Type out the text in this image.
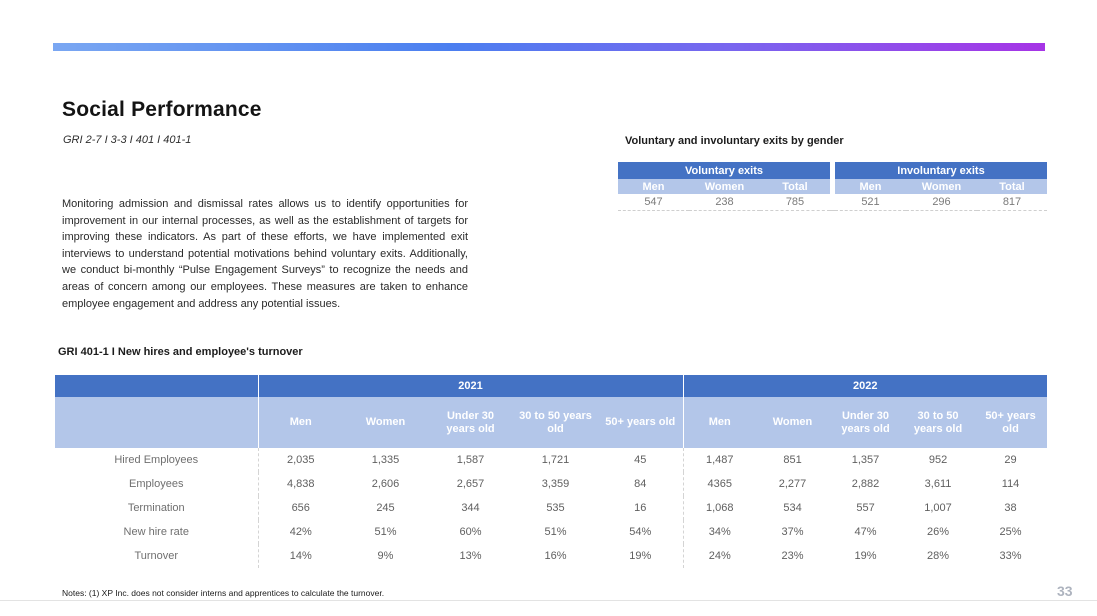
Social Performance
GRI 2-7 I 3-3 I 401 I 401-1

Monitoring admission and dismissal rates allows us to identify opportunities for improvement in our internal processes, as well as the establishment of targets for improving these indicators. As part of these efforts, we have implemented exit interviews to understand potential motivations behind voluntary exits. Additionally, we conduct bi-monthly “Pulse Engagement Surveys” to recognize the needs and areas of concern among our employees. These measures are taken to enhance employee engagement and address any potential issues.

Voluntary and involuntary exits by gender
Voluntary exits				Involuntary exits		
Men	Women	Total		Men	Women	Total
547	238	785		521	296	817
GRI 401-1 I New hires and employee's turnover
	2021					2022				
	Men	Women	Under 30 years old	30 to 50 years old	50+ years old	Men	Women	Under 30 years old	30 to 50 years old	50+ years old
Hired Employees	2,035	1,335	1,587	1,721	45	1,487	851	1,357	952	29
Employees	4,838	2,606	2,657	3,359	84	4365	2,277	2,882	3,611	114
Termination	656	245	344	535	16	1,068	534	557	1,007	38
New hire rate	42%	51%	60%	51%	54%	34%	37%	47%	26%	25%
Turnover	14%	9%	13%	16%	19%	24%	23%	19%	28%	33%
Notes: (1) XP Inc. does not consider interns and apprentices to calculate the turnover.	33
